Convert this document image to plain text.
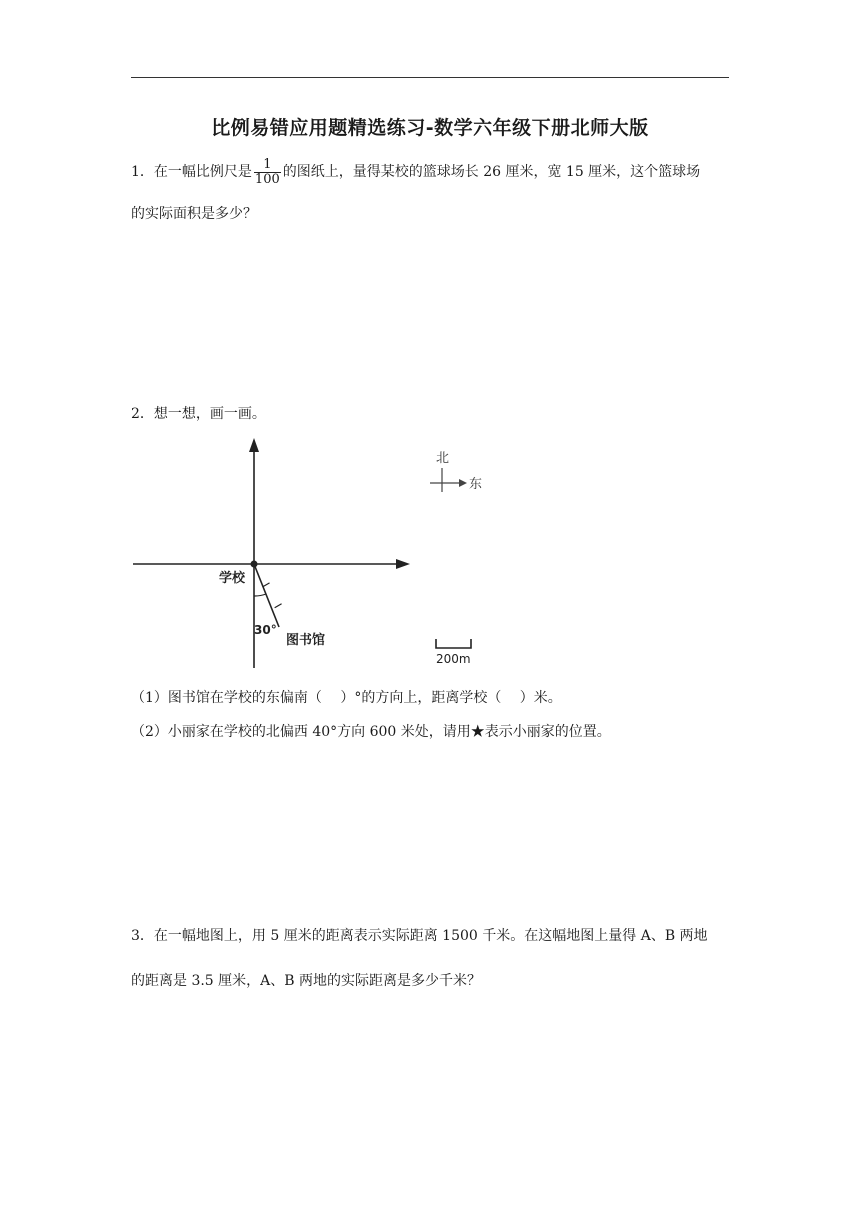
比例易错应用题精选练习-数学六年级下册北师大版
1．在一幅比例尺是 $\frac{1}{100}$ 的图纸上，量得某校的篮球场长 26 厘米，宽 15 厘米，这个篮球场
的实际面积是多少？
2．想一想，画一画。
学校
30°
图书馆
北
东
200m
（1）图书馆在学校的东偏南（　 ）°的方向上，距离学校（　 ）米。
（2）小丽家在学校的北偏西 40°方向 600 米处，请用★表示小丽家的位置。
3．在一幅地图上，用 5 厘米的距离表示实际距离 1500 千米。在这幅地图上量得 A、B 两地
的距离是 3.5 厘米，A、B 两地的实际距离是多少千米？
